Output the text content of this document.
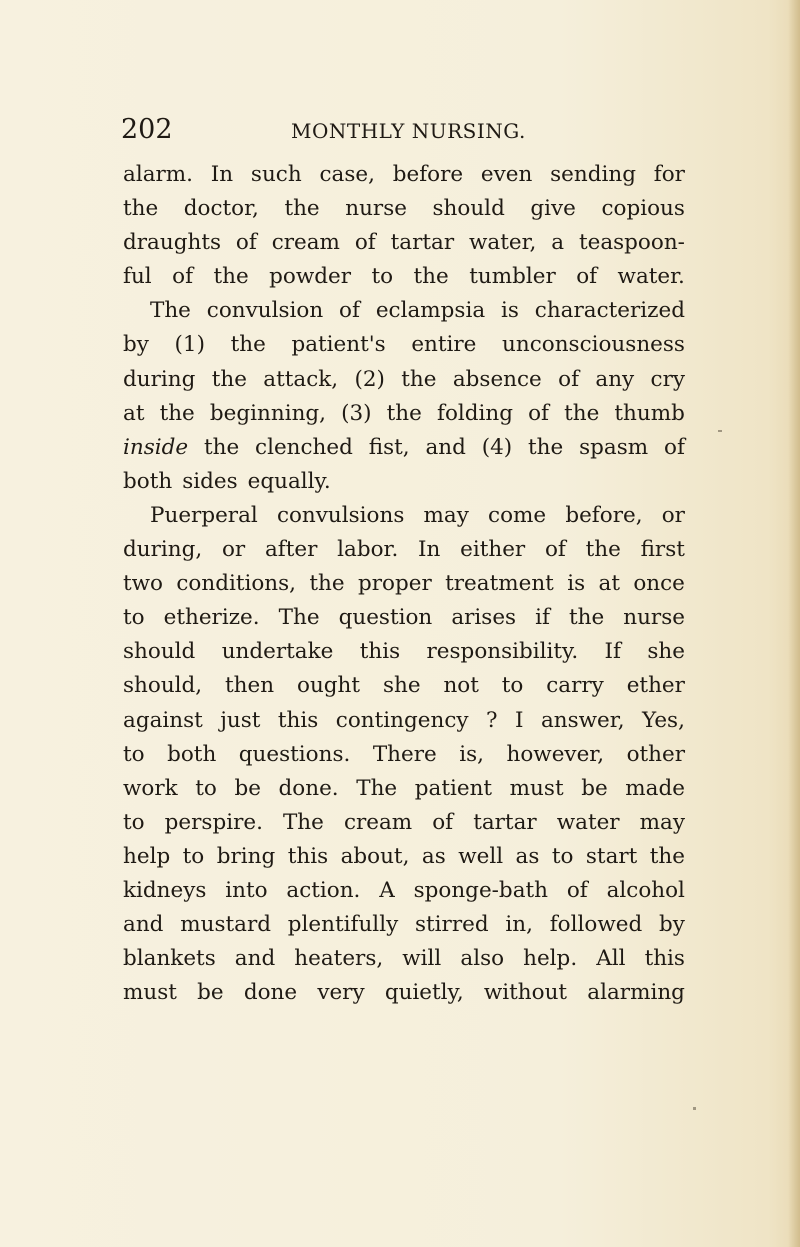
202	MONTHLY NURSING.
alarm. In such case, before even sending for
the doctor, the nurse should give copious
draughts of cream of tartar water, a teaspoon-
ful of the powder to the tumbler of water.
The convulsion of eclampsia is characterized
by (1) the patient's entire unconsciousness
during the attack, (2) the absence of any cry
at the beginning, (3) the folding of the thumb
inside the clenched fist, and (4) the spasm of
both sides equally.
Puerperal convulsions may come before, or
during, or after labor. In either of the first
two conditions, the proper treatment is at once
to etherize. The question arises if the nurse
should undertake this responsibility. If she
should, then ought she not to carry ether
against just this contingency ? I answer, Yes,
to both questions. There is, however, other
work to be done. The patient must be made
to perspire. The cream of tartar water may
help to bring this about, as well as to start the
kidneys into action. A sponge-bath of alcohol
and mustard plentifully stirred in, followed by
blankets and heaters, will also help. All this
must be done very quietly, without alarming
